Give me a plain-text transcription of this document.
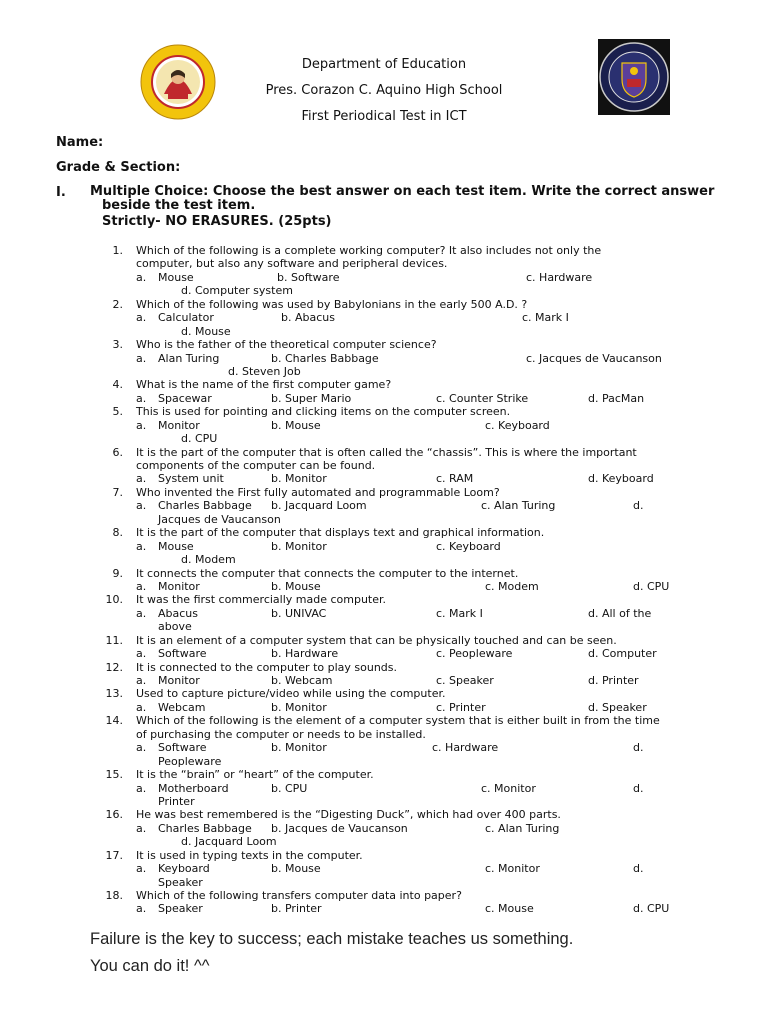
Department of Education
Pres. Corazon C. Aquino High School
First Periodical Test in ICT
Name:
Grade & Section:
I. Multiple Choice: Choose the best answer on each test item. Write the correct answer
beside the test item.
Strictly- NO ERASURES. (25pts)
1. Which of the following is a complete working computer? It also includes not only the
computer, but also any software and peripheral devices.
a. Mouse	b. Software	c. Hardware
d. Computer system
2. Which of the following was used by Babylonians in the early 500 A.D. ?
a. Calculator	b. Abacus	c. Mark I
d. Mouse
3. Who is the father of the theoretical computer science?
a. Alan Turing	b. Charles Babbage	c. Jacques de Vaucanson
d. Steven Job
4. What is the name of the first computer game?
a. Spacewar	b. Super Mario	c. Counter Strike	d. PacMan
5. This is used for pointing and clicking items on the computer screen.
a. Monitor	b. Mouse	c. Keyboard
d. CPU
6. It is the part of the computer that is often called the “chassis”. This is where the important
components of the computer can be found.
a. System unit	b. Monitor	c. RAM	d. Keyboard
7. Who invented the First fully automated and programmable Loom?
a. Charles Babbage b. Jacquard Loom	c. Alan Turing	d.
Jacques de Vaucanson
8. It is the part of the computer that displays text and graphical information.
a. Mouse	b. Monitor	c. Keyboard
d. Modem
9. It connects the computer that connects the computer to the internet.
a. Monitor	b. Mouse	c. Modem	d. CPU
10. It was the first commercially made computer.
a. Abacus	b. UNIVAC	c. Mark I	d. All of the
above
11. It is an element of a computer system that can be physically touched and can be seen.
a. Software	b. Hardware	c. Peopleware	d. Computer
12. It is connected to the computer to play sounds.
a. Monitor	b. Webcam	c. Speaker	d. Printer
13. Used to capture picture/video while using the computer.
a. Webcam	b. Monitor	c. Printer	d. Speaker
14. Which of the following is the element of a computer system that is either built in from the time
of purchasing the computer or needs to be installed.
a. Software	b. Monitor	c. Hardware	d.
Peopleware
15. It is the “brain” or “heart” of the computer.
a. Motherboard	b. CPU	c. Monitor	d.
Printer
16. He was best remembered is the “Digesting Duck”, which had over 400 parts.
a. Charles Babbage b. Jacques de Vaucanson	c. Alan Turing
d. Jacquard Loom
17. It is used in typing texts in the computer.
a. Keyboard	b. Mouse	c. Monitor	d.
Speaker
18. Which of the following transfers computer data into paper?
a. Speaker	b. Printer	c. Mouse	d. CPU
Failure is the key to success; each mistake teaches us something.
You can do it! ^^
